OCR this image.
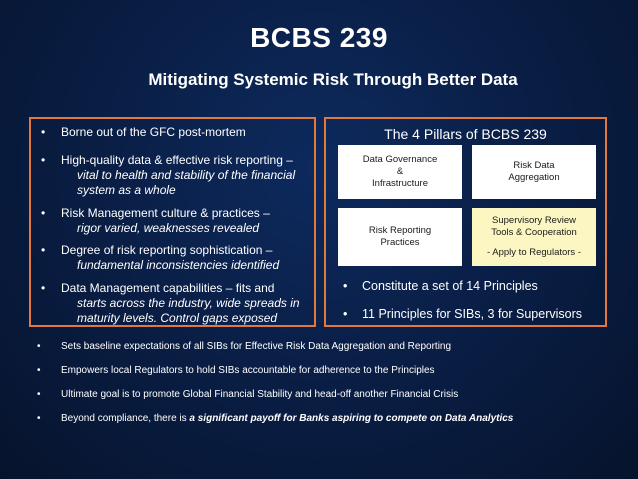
BCBS 239
Mitigating Systemic Risk Through Better Data
• Borne out of the GFC post-mortem
• High-quality data & effective risk reporting –
vital to health and stability of the financial system as a whole
• Risk Management culture & practices –
rigor varied, weaknesses revealed
• Degree of risk reporting sophistication –
fundamental inconsistencies identified
• Data Management capabilities – fits and
starts across the industry, wide spreads in maturity levels. Control gaps exposed
The 4 Pillars of BCBS 239
Data Governance
&
Infrastructure
Risk Data
Aggregation
Risk Reporting
Practices
Supervisory Review
Tools & Cooperation
- Apply to Regulators -
• Constitute a set of 14 Principles
• 11 Principles for SIBs, 3 for Supervisors
• Sets baseline expectations of all SIBs for Effective Risk Data Aggregation and Reporting
• Empowers local Regulators to hold SIBs accountable for adherence to the Principles
• Ultimate goal is to promote Global Financial Stability and head-off another Financial Crisis
• Beyond compliance, there is a significant payoff for Banks aspiring to compete on Data Analytics
